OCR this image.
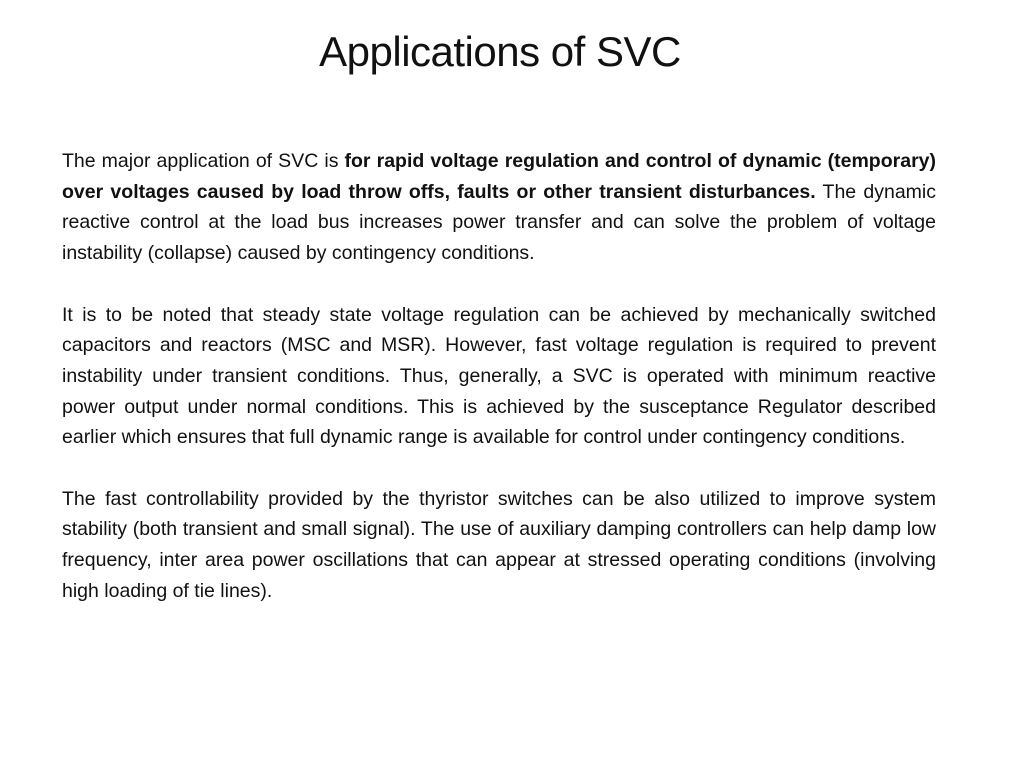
Applications of SVC

The major application of SVC is for rapid voltage regulation and control of dynamic (temporary) over voltages caused by load throw offs, faults or other transient disturbances. The dynamic reactive control at the load bus increases power transfer and can solve the problem of voltage instability (collapse) caused by contingency conditions.

It is to be noted that steady state voltage regulation can be achieved by mechanically switched capacitors and reactors (MSC and MSR). However, fast voltage regulation is required to prevent instability under transient conditions. Thus, generally, a SVC is operated with minimum reactive power output under normal conditions. This is achieved by the susceptance Regulator described earlier which ensures that full dynamic range is available for control under contingency conditions.

The fast controllability provided by the thyristor switches can be also utilized to improve system stability (both transient and small signal). The use of auxiliary damping controllers can help damp low frequency, inter area power oscillations that can appear at stressed operating conditions (involving high loading of tie lines).
